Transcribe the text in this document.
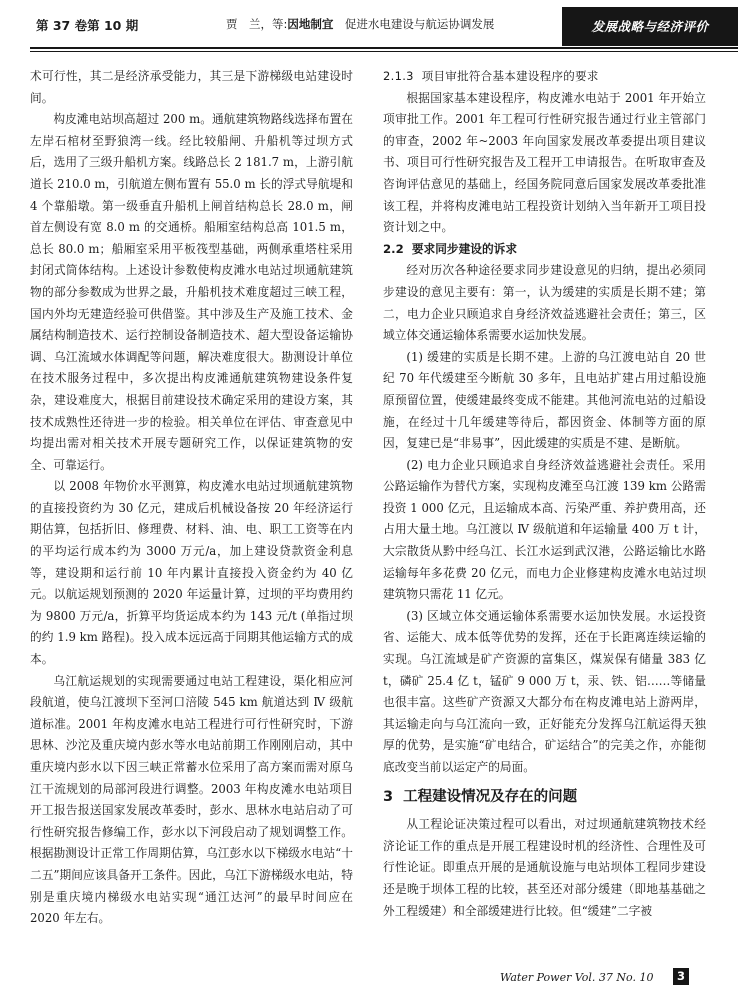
第 37 卷第 10 期	贾　兰，等:因地制宜　促进水电建设与航运协调发展	发展战略与经济评价

术可行性，其二是经济承受能力，其三是下游梯级电站建设时间。

构皮滩电站坝高超过 200 m。通航建筑物路线选择布置在左岸石棺材至野狼湾一线。经比较船闸、升船机等过坝方式后，选用了三级升船机方案。线路总长 2 181.7 m，上游引航道长 210.0 m，引航道左侧布置有 55.0 m 长的浮式导航堤和 4 个靠船墩。第一级垂直升船机上闸首结构总长 28.0 m，闸首左侧设有宽 8.0 m 的交通桥。船厢室结构总高 101.5 m，总长 80.0 m；船厢室采用平板筏型基础，两侧承重塔柱采用封闭式筒体结构。上述设计参数使构皮滩水电站过坝通航建筑物的部分参数成为世界之最，升船机技术难度超过三峡工程，国内外均无建造经验可供借鉴。其中涉及生产及施工技术、金属结构制造技术、运行控制设备制造技术、超大型设备运输协调、乌江流域水体调配等问题，解决难度很大。勘测设计单位在技术服务过程中，多次提出构皮滩通航建筑物建设条件复杂，建设难度大，根据目前建设技术确定采用的建设方案，其技术成熟性还待进一步的检验。相关单位在评估、审查意见中均提出需对相关技术开展专题研究工作，以保证建筑物的安全、可靠运行。

以 2008 年物价水平测算，构皮滩水电站过坝通航建筑物的直接投资约为 30 亿元，建成后机械设备按 20 年经济运行期估算，包括折旧、修理费、材料、油、电、职工工资等在内的平均运行成本约为 3000 万元/a，加上建设贷款资金利息等，建设期和运行前 10 年内累计直接投入资金约为 40 亿元。以航运规划预测的 2020 年运量计算，过坝的平均费用约为 9800 万元/a，折算平均货运成本约为 143 元/t (单指过坝的约 1.9 km 路程)。投入成本远远高于同期其他运输方式的成本。

乌江航运规划的实现需要通过电站工程建设，渠化相应河段航道，使乌江渡坝下至河口涪陵 545 km 航道达到 Ⅳ 级航道标准。2001 年构皮滩水电站工程进行可行性研究时，下游思林、沙沱及重庆境内彭水等水电站前期工作刚刚启动，其中重庆境内彭水以下因三峡正常蓄水位采用了高方案而需对原乌江干流规划的局部河段进行调整。2003 年构皮滩水电站项目开工报告报送国家发展改革委时，彭水、思林水电站启动了可行性研究报告修编工作，彭水以下河段启动了规划调整工作。根据勘测设计正常工作周期估算，乌江彭水以下梯级水电站“十二五”期间应该具备开工条件。因此，乌江下游梯级水电站，特别是重庆境内梯级水电站实现“通江达河”的最早时间应在 2020 年左右。

2.1.3 项目审批符合基本建设程序的要求

根据国家基本建设程序，构皮滩水电站于 2001 年开始立项审批工作。2001 年工程可行性研究报告通过行业主管部门的审查，2002 年~2003 年向国家发展改革委提出项目建议书、项目可行性研究报告及工程开工申请报告。在听取审查及咨询评估意见的基础上，经国务院同意后国家发展改革委批准该工程，并将构皮滩电站工程投资计划纳入当年新开工项目投资计划之中。

2.2 要求同步建设的诉求

经对历次各种途径要求同步建设意见的归纳，提出必须同步建设的意见主要有：第一，认为缓建的实质是长期不建；第二，电力企业只顾追求自身经济效益逃避社会责任；第三，区域立体交通运输体系需要水运加快发展。

(1) 缓建的实质是长期不建。上游的乌江渡电站自 20 世纪 70 年代缓建至今断航 30 多年，且电站扩建占用过船设施原预留位置，使缓建最终变成不能建。其他河流电站的过船设施，在经过十几年缓建等待后，都因资金、体制等方面的原因，复建已是“非易事”，因此缓建的实质是不建、是断航。

(2) 电力企业只顾追求自身经济效益逃避社会责任。采用公路运输作为替代方案，实现构皮滩至乌江渡 139 km 公路需投资 1 000 亿元，且运输成本高、污染严重、养护费用高，还占用大量土地。乌江渡以 Ⅳ 级航道和年运输量 400 万 t 计，大宗散货从黔中经乌江、长江水运到武汉港，公路运输比水路运输每年多花费 20 亿元，而电力企业修建构皮滩水电站过坝建筑物只需花 11 亿元。

(3) 区域立体交通运输体系需要水运加快发展。水运投资省、运能大、成本低等优势的发挥，还在于长距离连续运输的实现。乌江流域是矿产资源的富集区，煤炭保有储量 383 亿 t，磷矿 25.4 亿 t，锰矿 9 000 万 t，汞、铁、铝……等储量也很丰富。这些矿产资源又大都分布在构皮滩电站上游两岸，其运输走向与乌江流向一致，正好能充分发挥乌江航运得天独厚的优势，是实施“矿电结合，矿运结合”的完美之作，亦能彻底改变当前以运定产的局面。

3 工程建设情况及存在的问题

从工程论证决策过程可以看出，对过坝通航建筑物技术经济论证工作的重点是开展工程建设时机的经济性、合理性及可行性论证。即重点开展的是通航设施与电站坝体工程同步建设还是晚于坝体工程的比较，甚至还对部分缓建（即地基基础之外工程缓建）和全部缓建进行比较。但“缓建”二字被

Water Power Vol. 37 No. 10	3
